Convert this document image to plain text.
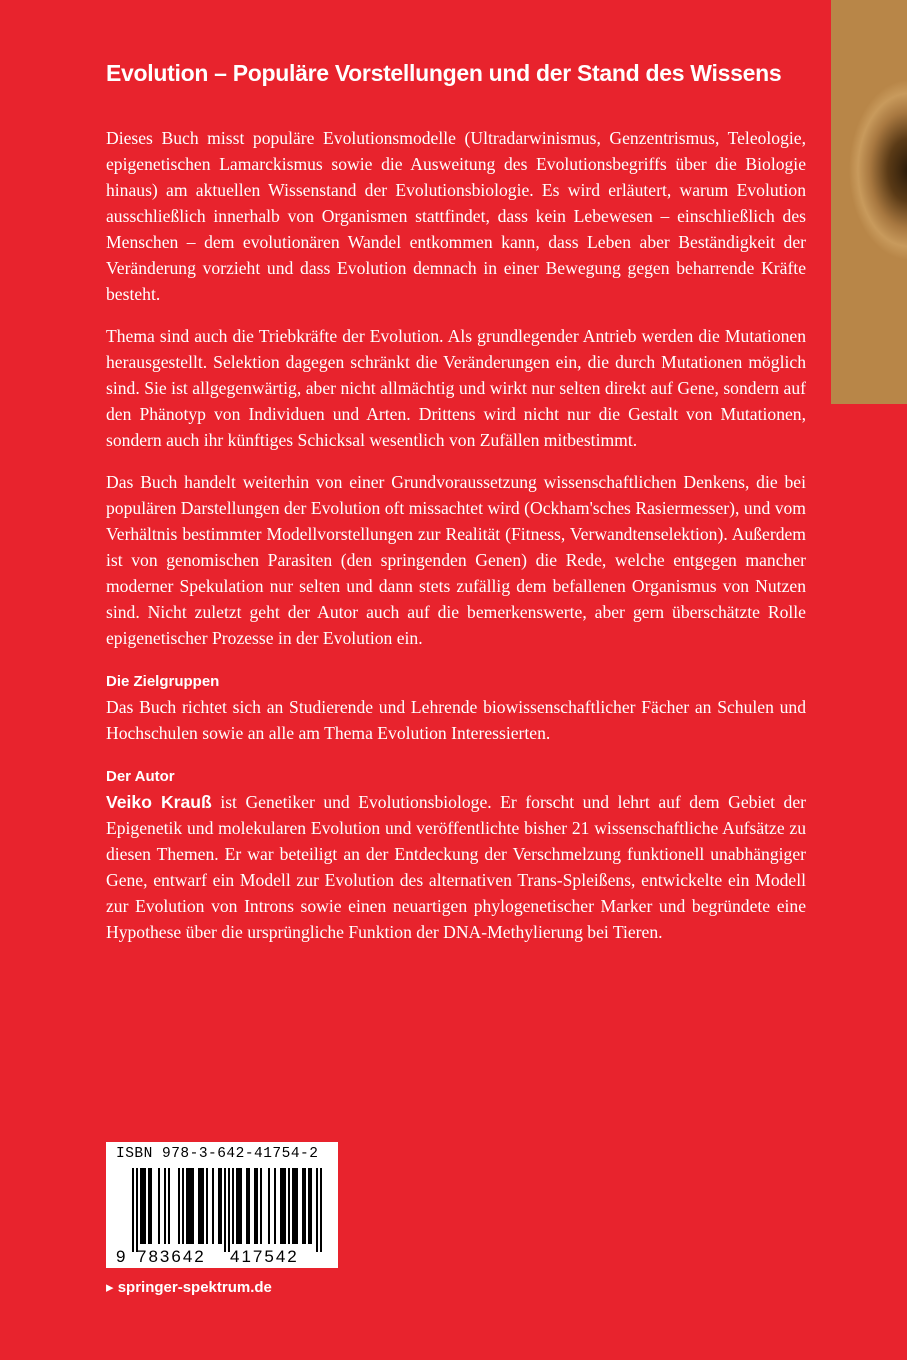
Evolution – Populäre Vorstellungen und der Stand des Wissens

Dieses Buch misst populäre Evolutionsmodelle (Ultradarwinismus, Genzentrismus, Teleologie, epigenetischen Lamarckismus sowie die Ausweitung des Evolutionsbegriffs über die Biologie hinaus) am aktuellen Wissenstand der Evolutionsbiologie. Es wird erläutert, warum Evolution ausschließlich innerhalb von Organismen stattfindet, dass kein Lebewesen – einschließlich des Menschen – dem evolutionären Wandel entkommen kann, dass Leben aber Beständigkeit der Veränderung vorzieht und dass Evolution demnach in einer Bewegung gegen beharrende Kräfte besteht.

Thema sind auch die Triebkräfte der Evolution. Als grundlegender Antrieb werden die Mutationen herausgestellt. Selektion dagegen schränkt die Veränderungen ein, die durch Mutationen möglich sind. Sie ist allgegenwärtig, aber nicht allmächtig und wirkt nur selten direkt auf Gene, sondern auf den Phänotyp von Individuen und Arten. Drittens wird nicht nur die Gestalt von Mutationen, sondern auch ihr künftiges Schicksal wesentlich von Zufällen mitbestimmt.

Das Buch handelt weiterhin von einer Grundvoraussetzung wissenschaftlichen Denkens, die bei populären Darstellungen der Evolution oft missachtet wird (Ockham'sches Rasiermesser), und vom Verhältnis bestimmter Modellvorstellungen zur Realität (Fitness, Verwandtenselektion). Außerdem ist von genomischen Parasiten (den springenden Genen) die Rede, welche entgegen mancher moderner Spekulation nur selten und dann stets zufällig dem befallenen Organismus von Nutzen sind. Nicht zuletzt geht der Autor auch auf die bemerkenswerte, aber gern überschätzte Rolle epigenetischer Prozesse in der Evolution ein.

Die Zielgruppen

Das Buch richtet sich an Studierende und Lehrende biowissenschaftlicher Fächer an Schulen und Hochschulen sowie an alle am Thema Evolution Interessierten.

Der Autor

Veiko Krauß ist Genetiker und Evolutionsbiologe. Er forscht und lehrt auf dem Gebiet der Epigenetik und molekularen Evolution und veröffentlichte bisher 21 wissenschaftliche Aufsätze zu diesen Themen. Er war beteiligt an der Entdeckung der Verschmelzung funktionell unabhängiger Gene, entwarf ein Modell zur Evolution des alternativen Trans-Spleißens, entwickelte ein Modell zur Evolution von Introns sowie einen neuartigen phylogenetischer Marker und begründete eine Hypothese über die ursprüngliche Funktion der DNA-Methylierung bei Tieren.

ISBN 978-3-642-41754-2
9 783642 417542
▸ springer-spektrum.de
